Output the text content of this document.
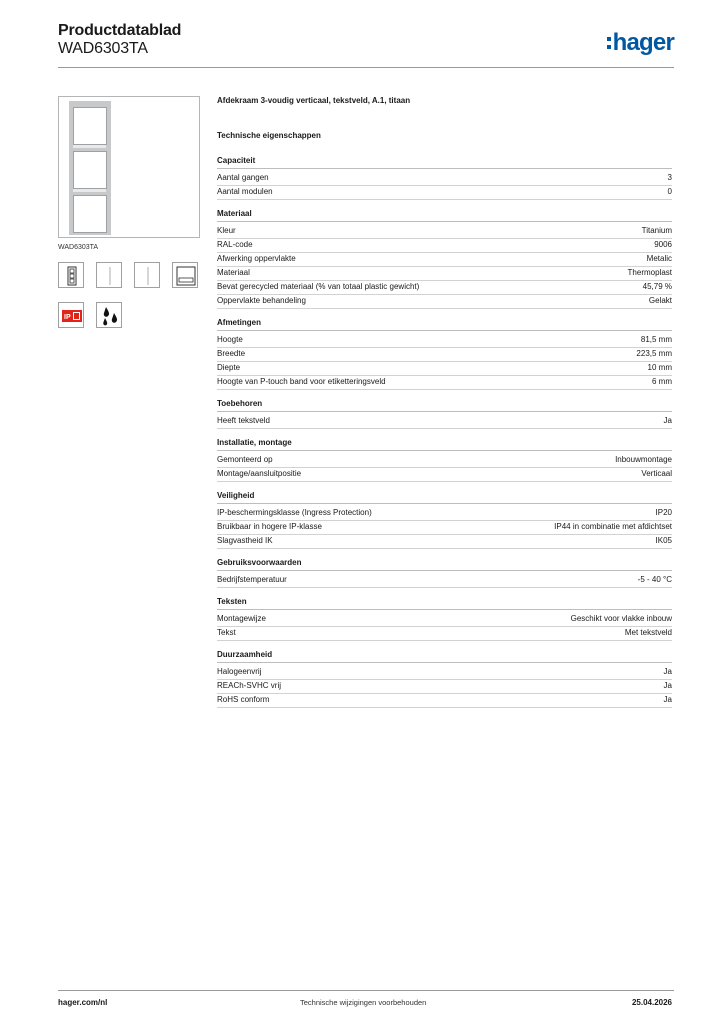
Productdatablad
WAD6303TA	hager
WAD6303TA
IP
Afdekraam 3-voudig verticaal, tekstveld, A.1, titaan
Technische eigenschappen
Capaciteit
Aantal gangen	3
Aantal modulen	0
Materiaal
Kleur	Titanium
RAL-code	9006
Afwerking oppervlakte	Metalic
Materiaal	Thermoplast
Bevat gerecycled materiaal (% van totaal plastic gewicht)	45,79 %
Oppervlakte behandeling	Gelakt
Afmetingen
Hoogte	81,5 mm
Breedte	223,5 mm
Diepte	10 mm
Hoogte van P-touch band voor etiketteringsveld	6 mm
Toebehoren
Heeft tekstveld	Ja
Installatie, montage
Gemonteerd op	Inbouwmontage
Montage/aansluitpositie	Verticaal
Veiligheid
IP-beschermingsklasse (Ingress Protection)	IP20
Bruikbaar in hogere IP-klasse	IP44 in combinatie met afdichtset
Slagvastheid IK	IK05
Gebruiksvoorwaarden
Bedrijfstemperatuur	-5 - 40 °C
Teksten
Montagewijze	Geschikt voor vlakke inbouw
Tekst	Met tekstveld
Duurzaamheid
Halogeenvrij	Ja
REACh-SVHC vrij	Ja
RoHS conform	Ja
hager.com/nl	Technische wijzigingen voorbehouden	25.04.2026
